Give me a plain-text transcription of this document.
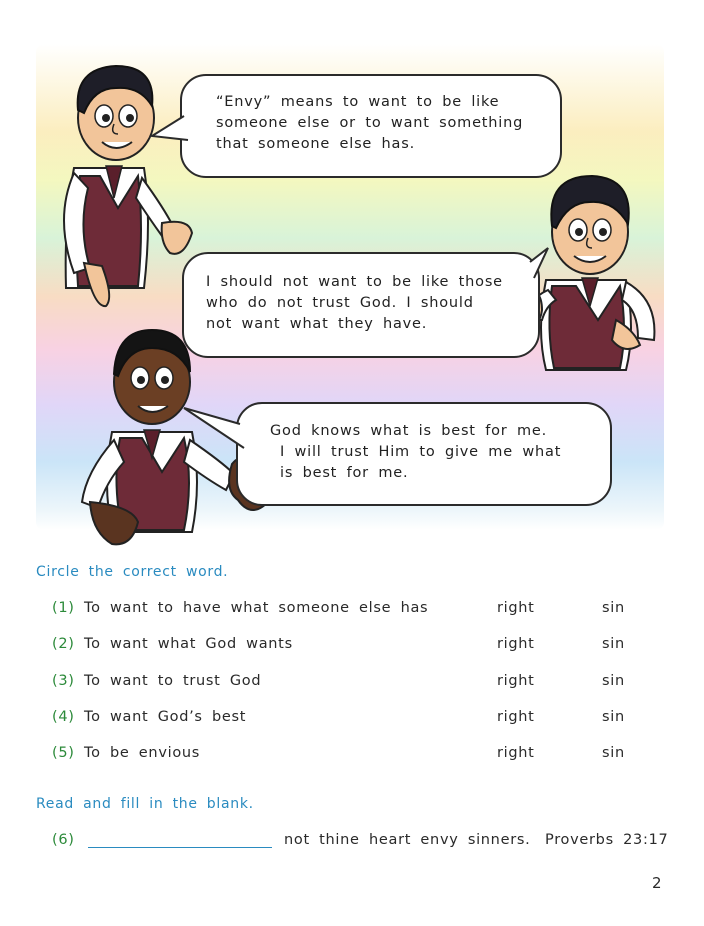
“Envy” means to want to be like
someone else or to want something
that someone else has.
I should not want to be like those
who do not trust God. I should
not want what they have.
God knows what is best for me.
I will trust Him to give me what
is best for me.
Circle the correct word.
(1) To want to have what someone else has	right	sin
(2) To want what God wants	right	sin
(3) To want to trust God	right	sin
(4) To want God’s best	right	sin
(5) To be envious	right	sin
Read and fill in the blank.
(6)	not thine heart envy sinners. Proverbs 23:17
2
